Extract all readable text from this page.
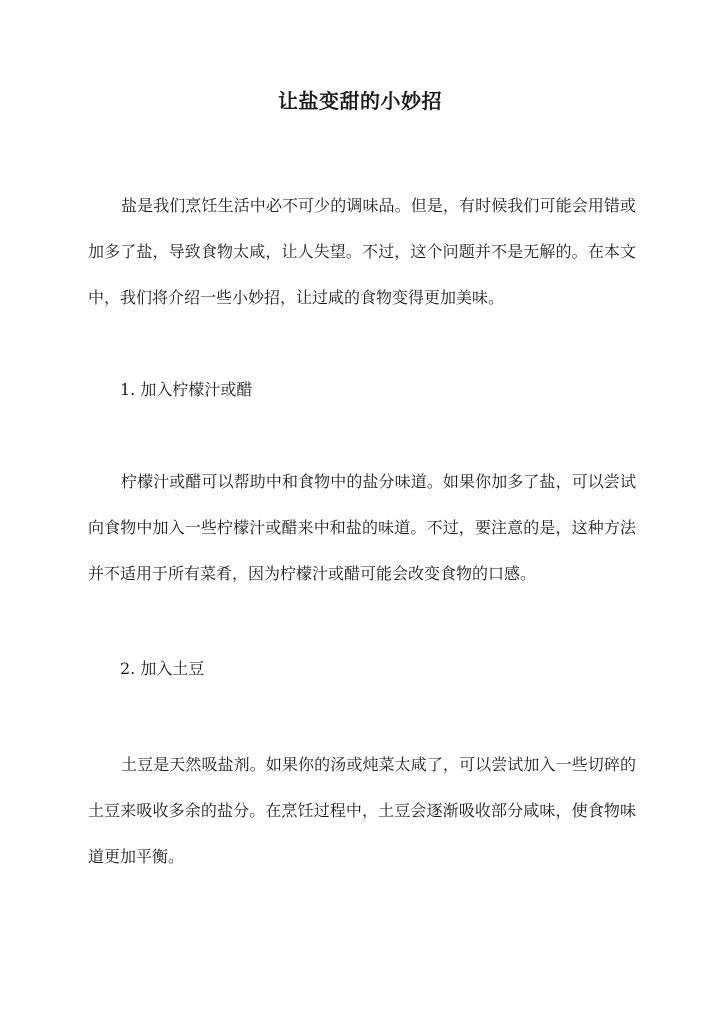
让盐变甜的小妙招

盐是我们烹饪生活中必不可少的调味品。但是，有时候我们可能会用错或加多了盐，导致食物太咸，让人失望。不过，这个问题并不是无解的。在本文中，我们将介绍一些小妙招，让过咸的食物变得更加美味。

1. 加入柠檬汁或醋

柠檬汁或醋可以帮助中和食物中的盐分味道。如果你加多了盐，可以尝试向食物中加入一些柠檬汁或醋来中和盐的味道。不过，要注意的是，这种方法并不适用于所有菜肴，因为柠檬汁或醋可能会改变食物的口感。

2. 加入土豆

土豆是天然吸盐剂。如果你的汤或炖菜太咸了，可以尝试加入一些切碎的土豆来吸收多余的盐分。在烹饪过程中，土豆会逐渐吸收部分咸味，使食物味道更加平衡。
